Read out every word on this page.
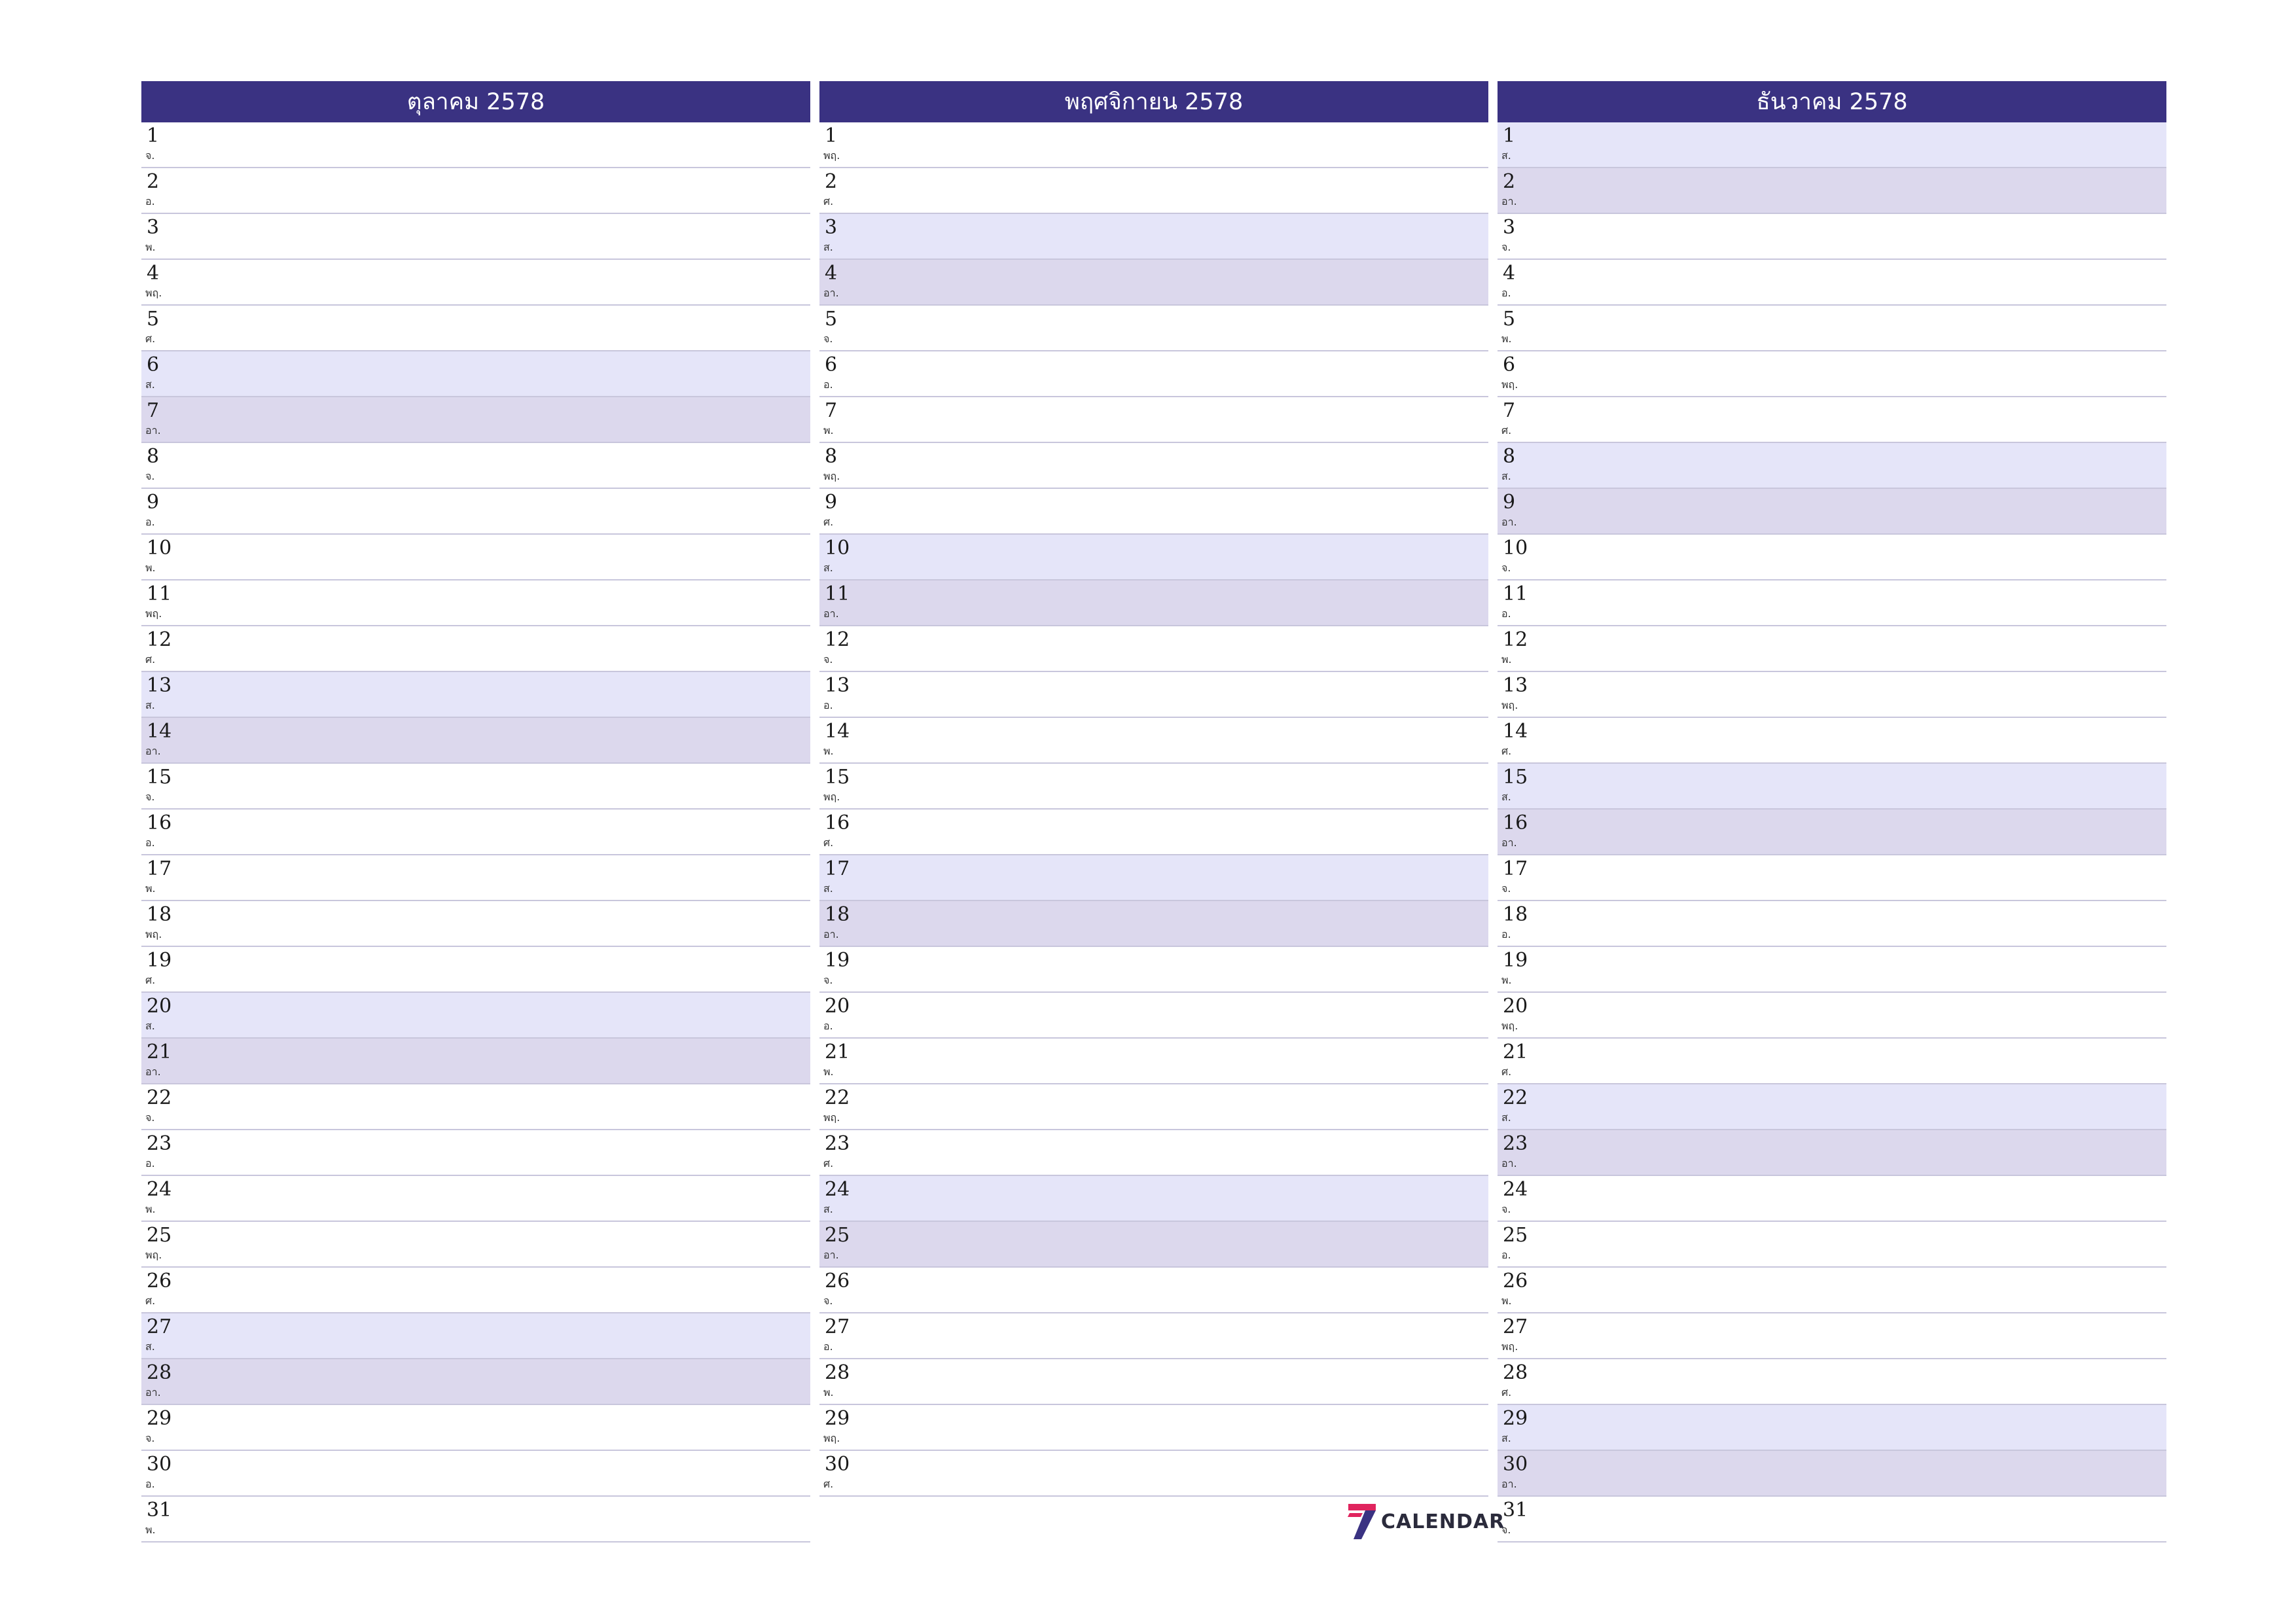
ตุลาคม 2578
1
จ.
2
อ.
3
พ.
4
พฤ.
5
ศ.
6
ส.
7
อา.
8
จ.
9
อ.
10
พ.
11
พฤ.
12
ศ.
13
ส.
14
อา.
15
จ.
16
อ.
17
พ.
18
พฤ.
19
ศ.
20
ส.
21
อา.
22
จ.
23
อ.
24
พ.
25
พฤ.
26
ศ.
27
ส.
28
อา.
29
จ.
30
อ.
31
พ.
พฤศจิกายน 2578
1
พฤ.
2
ศ.
3
ส.
4
อา.
5
จ.
6
อ.
7
พ.
8
พฤ.
9
ศ.
10
ส.
11
อา.
12
จ.
13
อ.
14
พ.
15
พฤ.
16
ศ.
17
ส.
18
อา.
19
จ.
20
อ.
21
พ.
22
พฤ.
23
ศ.
24
ส.
25
อา.
26
จ.
27
อ.
28
พ.
29
พฤ.
30
ศ.
ธันวาคม 2578
1
ส.
2
อา.
3
จ.
4
อ.
5
พ.
6
พฤ.
7
ศ.
8
ส.
9
อา.
10
จ.
11
อ.
12
พ.
13
พฤ.
14
ศ.
15
ส.
16
อา.
17
จ.
18
อ.
19
พ.
20
พฤ.
21
ศ.
22
ส.
23
อา.
24
จ.
25
อ.
26
พ.
27
พฤ.
28
ศ.
29
ส.
30
อา.
31
จ.
CALENDAR
